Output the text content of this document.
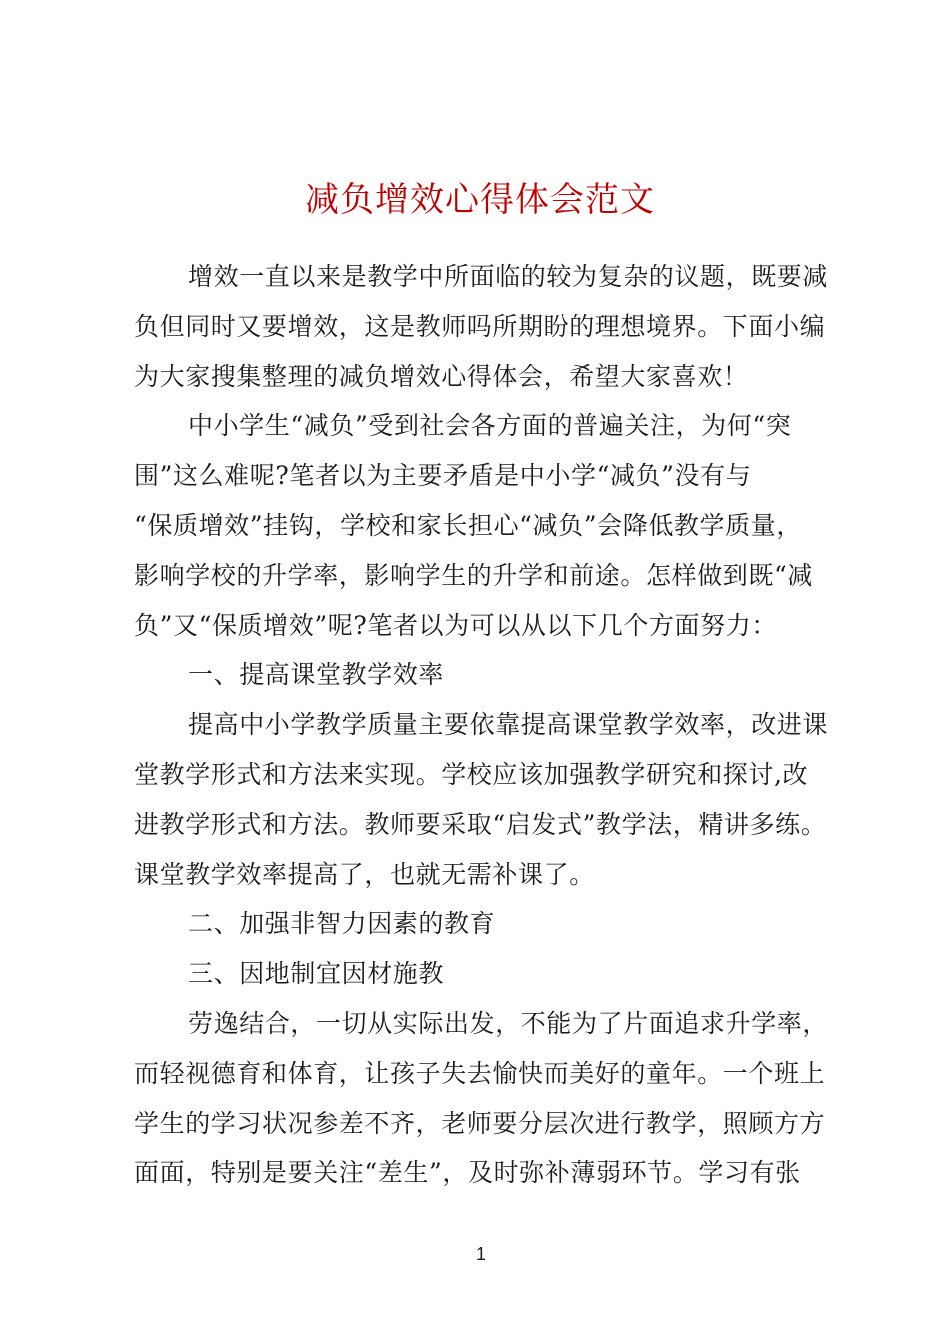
减负增效心得体会范文
增效一直以来是教学中所面临的较为复杂的议题，既要减
负但同时又要增效，这是教师吗所期盼的理想境界。下面小编
为大家搜集整理的减负增效心得体会，希望大家喜欢！
中小学生“减负”受到社会各方面的普遍关注，为何“突
围”这么难呢?笔者以为主要矛盾是中小学“减负”没有与
“保质增效”挂钩，学校和家长担心“减负”会降低教学质量，
影响学校的升学率，影响学生的升学和前途。怎样做到既“减
负”又“保质增效”呢?笔者以为可以从以下几个方面努力：
一、提高课堂教学效率
提高中小学教学质量主要依靠提高课堂教学效率，改进课
堂教学形式和方法来实现。学校应该加强教学研究和探讨,改
进教学形式和方法。教师要采取“启发式”教学法，精讲多练。
课堂教学效率提高了，也就无需补课了。
二、加强非智力因素的教育
三、因地制宜因材施教
劳逸结合，一切从实际出发，不能为了片面追求升学率，
而轻视德育和体育，让孩子失去愉快而美好的童年。一个班上
学生的学习状况参差不齐，老师要分层次进行教学，照顾方方
面面，特别是要关注“差生”，及时弥补薄弱环节。学习有张
1
